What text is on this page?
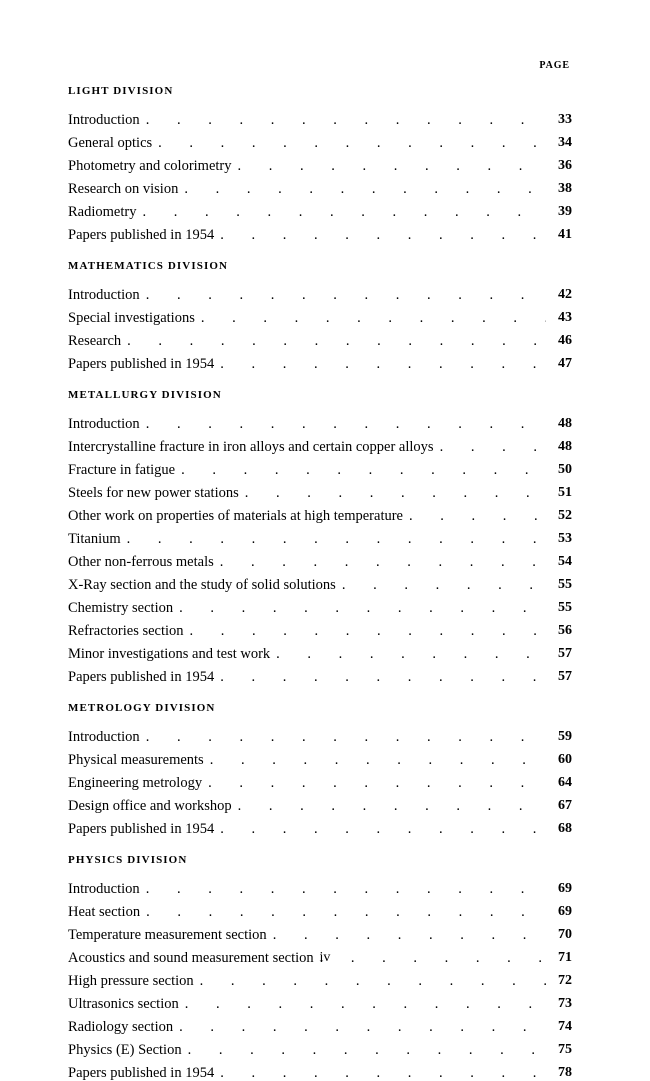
PAGE
LIGHT DIVISION
Introduction . .	33
General optics . .	34
Photometry and colorimetry . .	36
Research on vision . .	38
Radiometry . .	39
Papers published in 1954 . .	41
MATHEMATICS DIVISION
Introduction . .	42
Special investigations . .	43
Research . .	46
Papers published in 1954 . .	47
METALLURGY DIVISION
Introduction . .	48
Intercrystalline fracture in iron alloys and certain copper alloys . .	48
Fracture in fatigue . .	50
Steels for new power stations . .	51
Other work on properties of materials at high temperature . .	52
Titanium . .	53
Other non-ferrous metals . .	54
X-Ray section and the study of solid solutions . .	55
Chemistry section . .	55
Refractories section . .	56
Minor investigations and test work . .	57
Papers published in 1954 . .	57
METROLOGY DIVISION
Introduction . .	59
Physical measurements . .	60
Engineering metrology . .	64
Design office and workshop . .	67
Papers published in 1954 . .	68
PHYSICS DIVISION
Introduction . .	69
Heat section . .	69
Temperature measurement section . .	70
Acoustics and sound measurement section . .	71
High pressure section . .	72
Ultrasonics section . .	73
Radiology section . .	74
Physics (E) Section . .	75
Papers published in 1954 . .	78
iv
